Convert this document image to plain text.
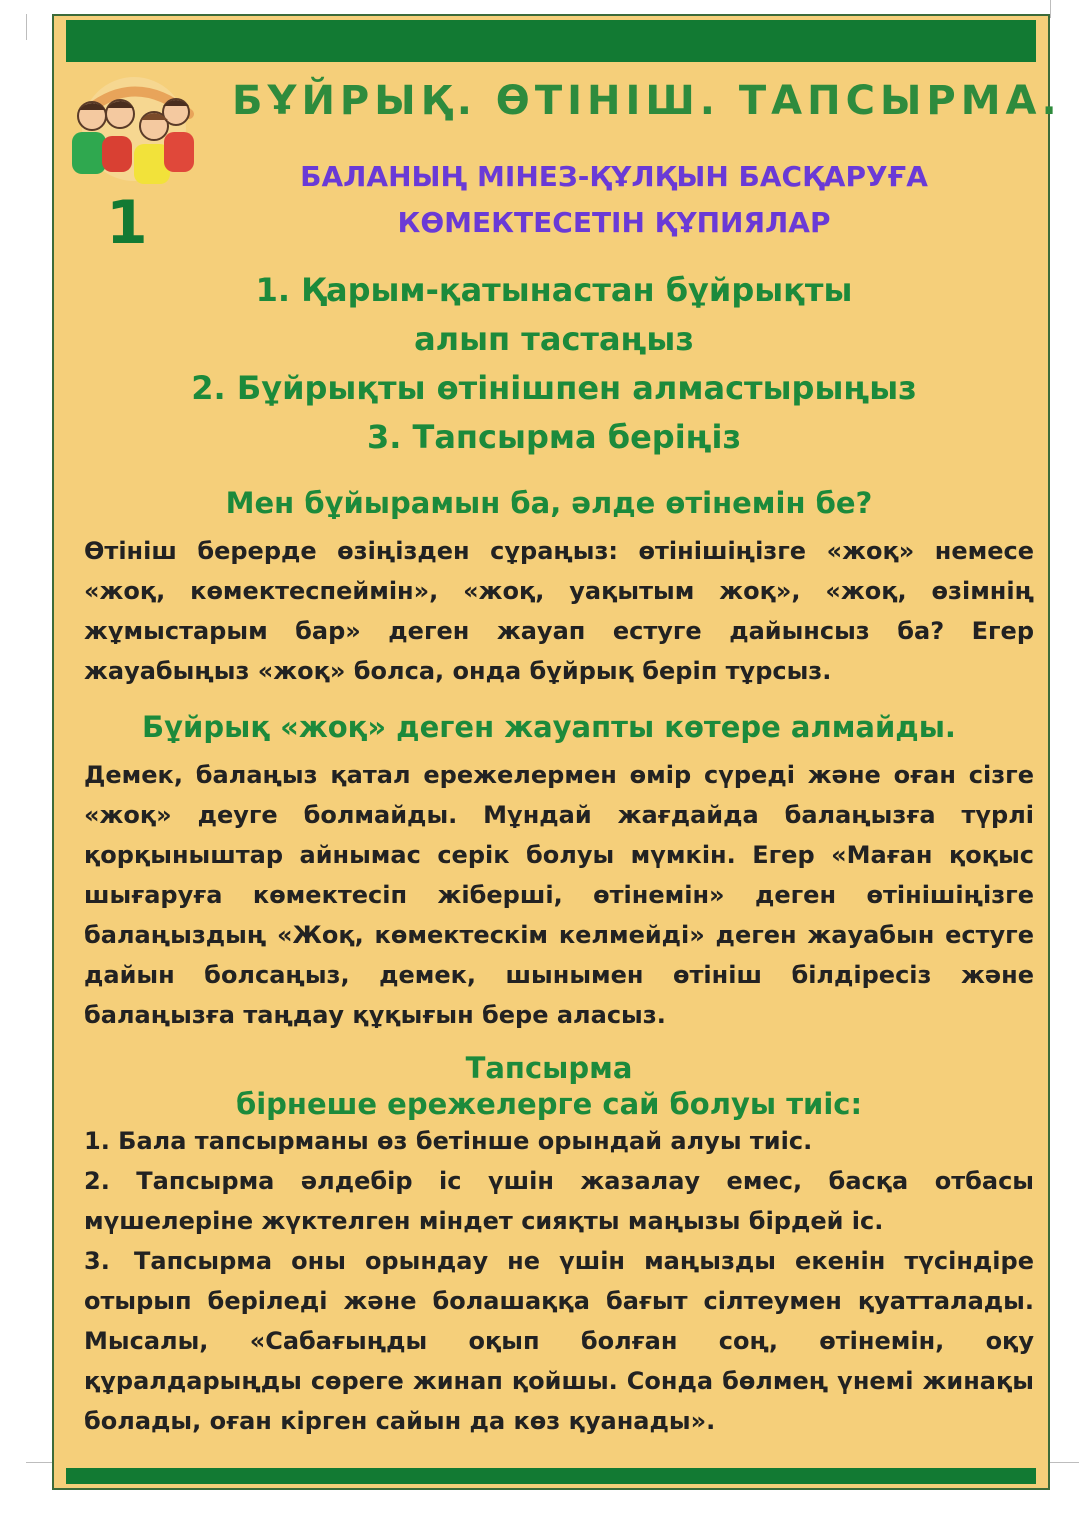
1
БҰЙРЫҚ. ӨТІНІШ. ТАПСЫРМА.
БАЛАНЫҢ МІНЕЗ-ҚҰЛҚЫН БАСҚАРУҒА
КӨМЕКТЕСЕТІН ҚҰПИЯЛАР
1. Қарым-қатынастан бұйрықты алып тастаңыз
2. Бұйрықты өтінішпен алмастырыңыз
3. Тапсырма беріңіз
Мен бұйырамын ба, әлде өтінемін бе?
Өтініш берерде өзіңізден сұраңыз: өтінішіңізге «жоқ» немесе «жоқ, көмектеспеймін», «жоқ, уақытым жоқ», «жоқ, өзімнің жұмыстарым бар» деген жауап естуге дайынсыз ба? Егер жауабыңыз «жоқ» болса, онда бұйрық беріп тұрсыз.
Бұйрық «жоқ» деген жауапты көтере алмайды.
Демек, балаңыз қатал ережелермен өмір сүреді және оған сізге «жоқ» деуге болмайды. Мұндай жағдайда балаңызға түрлі қорқыныштар айнымас серік болуы мүмкін. Егер «Маған қоқыс шығаруға көмектесіп жіберші, өтінемін» деген өтінішіңізге балаңыздың «Жоқ, көмектескім келмейді» деген жауабын естуге дайын болсаңыз, демек, шынымен өтініш білдіресіз және балаңызға таңдау құқығын бере аласыз.
Тапсырма
бірнеше ережелерге сай болуы тиіс:
1. Бала тапсырманы өз бетінше орындай алуы тиіс.
2. Тапсырма әлдебір іс үшін жазалау емес, басқа отбасы мүшелеріне жүктелген міндет сияқты маңызы бірдей іс.
3. Тапсырма оны орындау не үшін маңызды екенін түсіндіре отырып беріледі және болашаққа бағыт сілтеумен қуатталады. Мысалы, «Сабағыңды оқып болған соң, өтінемін, оқу құралдарыңды сөреге жинап қойшы. Сонда бөлмең үнемі жинақы болады, оған кірген сайын да көз қуанады».
